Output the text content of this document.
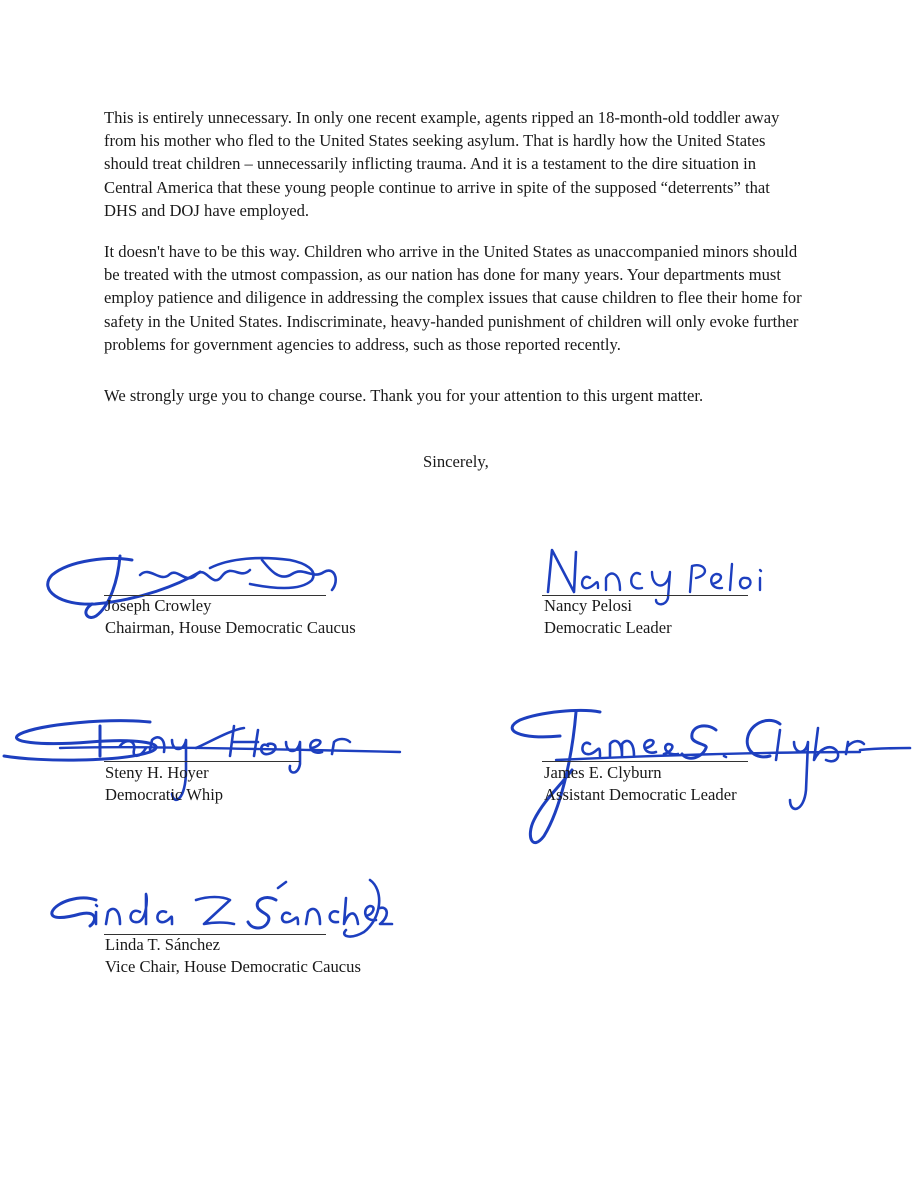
This is entirely unnecessary. In only one recent example, agents ripped an 18-month-old toddler away from his mother who fled to the United States seeking asylum. That is hardly how the United States should treat children – unnecessarily inflicting trauma. And it is a testament to the dire situation in Central America that these young people continue to arrive in spite of the supposed “deterrents” that DHS and DOJ have employed.

It doesn't have to be this way. Children who arrive in the United States as unaccompanied minors should be treated with the utmost compassion, as our nation has done for many years. Your departments must employ patience and diligence in addressing the complex issues that cause children to flee their home for safety in the United States. Indiscriminate, heavy-handed punishment of children will only evoke further problems for government agencies to address, such as those reported recently.

We strongly urge you to change course. Thank you for your attention to this urgent matter.

Sincerely,
Joseph Crowley
Chairman, House Democratic Caucus
Nancy Pelosi
Democratic Leader
Steny H. Hoyer
Democratic Whip
James E. Clyburn
Assistant Democratic Leader
Linda T. Sánchez
Vice Chair, House Democratic Caucus
